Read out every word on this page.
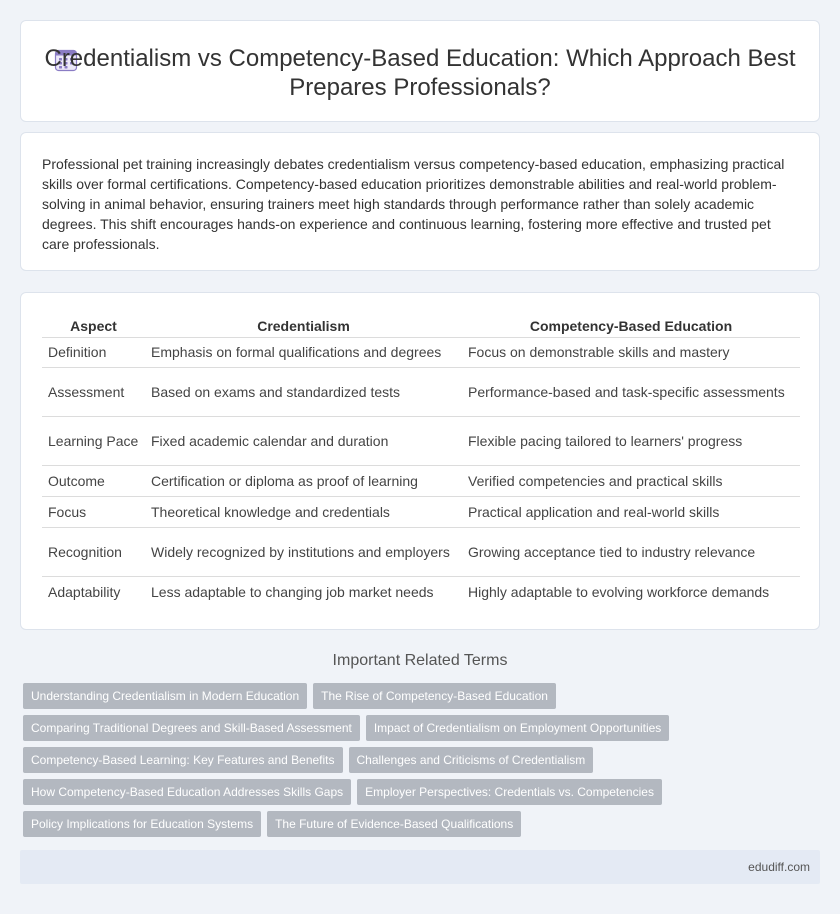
Credentialism vs Competency-Based Education: Which Approach Best Prepares Professionals?

Professional pet training increasingly debates credentialism versus competency-based education, emphasizing practical skills over formal certifications. Competency-based education prioritizes demonstrable abilities and real-world problem-solving in animal behavior, ensuring trainers meet high standards through performance rather than solely academic degrees. This shift encourages hands-on experience and continuous learning, fostering more effective and trusted pet care professionals.

Aspect	Credentialism	Competency-Based Education
Definition	Emphasis on formal qualifications and degrees	Focus on demonstrable skills and mastery
Assessment	Based on exams and standardized tests	Performance-based and task-specific assessments
Learning Pace	Fixed academic calendar and duration	Flexible pacing tailored to learners' progress
Outcome	Certification or diploma as proof of learning	Verified competencies and practical skills
Focus	Theoretical knowledge and credentials	Practical application and real-world skills
Recognition	Widely recognized by institutions and employers	Growing acceptance tied to industry relevance
Adaptability	Less adaptable to changing job market needs	Highly adaptable to evolving workforce demands
Important Related Terms
Understanding Credentialism in Modern Education	The Rise of Competency-Based Education
Comparing Traditional Degrees and Skill-Based Assessment	Impact of Credentialism on Employment Opportunities
Competency-Based Learning: Key Features and Benefits	Challenges and Criticisms of Credentialism
How Competency-Based Education Addresses Skills Gaps	Employer Perspectives: Credentials vs. Competencies
Policy Implications for Education Systems	The Future of Evidence-Based Qualifications
edudiff.com
